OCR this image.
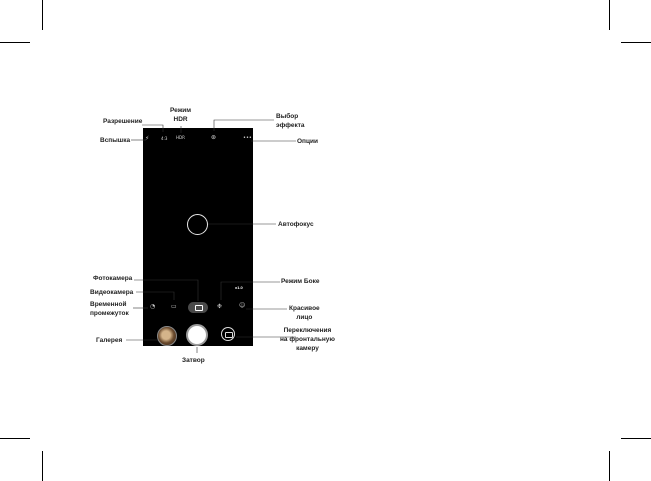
⚡	4:3 HDR	⊛	•••
x1.0
◔	▭	❉	☺
Разрешение
Вспышка
Режим
HDR	Выбор
эффекта
Опции
Автофокус
Фотокамера
Видеокамера
Временной
промежуток
Режим Боке
Красивое
лицо
Галерея
Затвор
Переключения
на фронтальную
камеру
